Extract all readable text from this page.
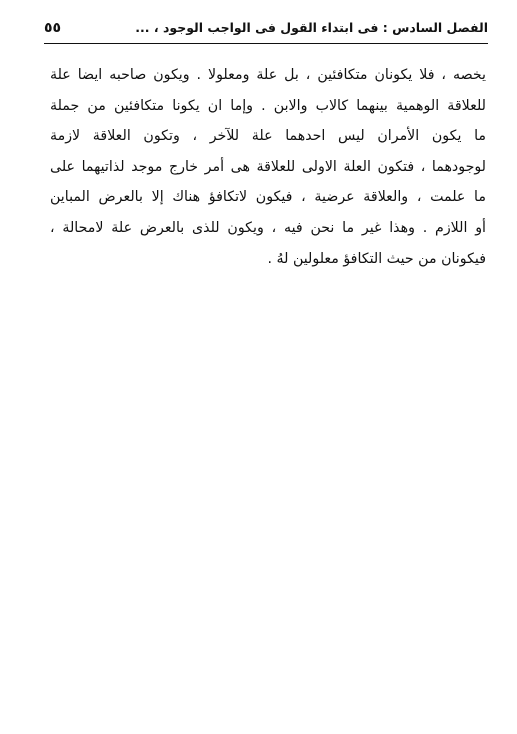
الفصل السادس : فى ابتداء القول فى الواجب الوجود ، ...
٥٥
يخصه ، فلا يكونان متكافئين ، بل علة ومعلولا . ويكون صاحبه ايضا علة
للعلاقة الوهمية بينهما كالاب والابن . وإما ان يكونا متكافئين من جملة
ما يكون الأمران ليس احدهما علة للآخر ، وتكون العلاقة لازمة
لوجودهما ، فتكون العلة الاولى للعلاقة هى أمر خارج موجد لذاتيهما على
ما علمت ، والعلاقة عرضية ، فيكون لاتكافؤ هناك إلا بالعرض المباين
أو اللازم . وهذا غير ما نحن فيه ، ويكون للذى بالعرض علة لامحالة ،
فيكونان من حيث التكافؤ معلولين لهُ .
